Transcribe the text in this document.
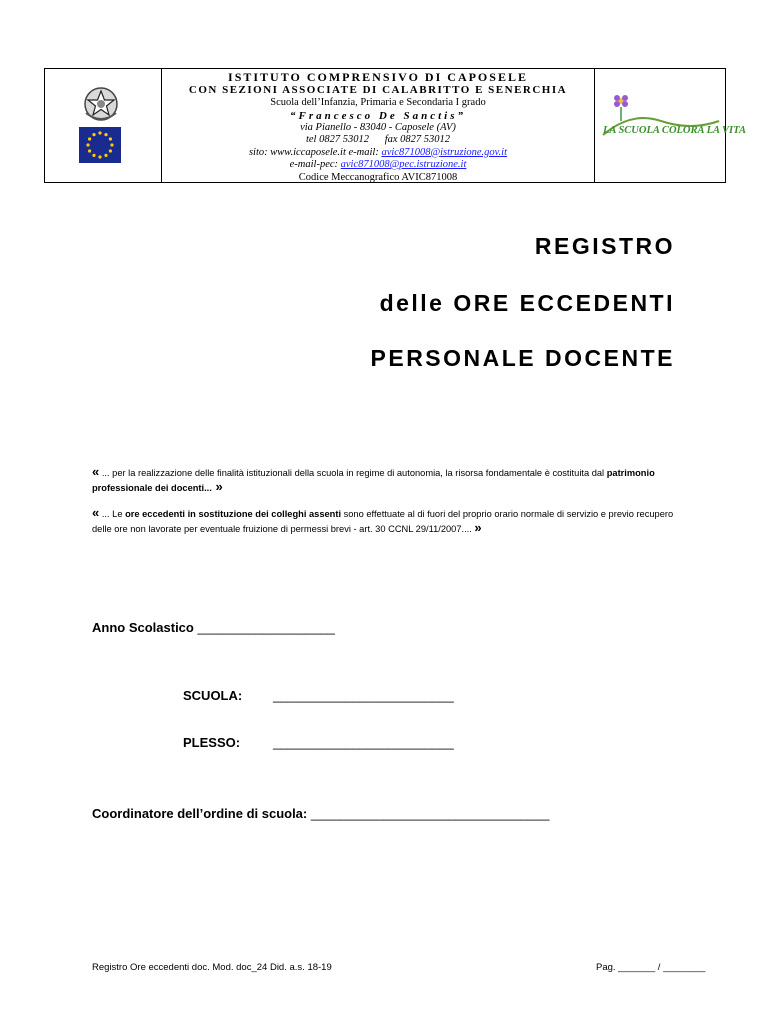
ISTITUTO COMPRENSIVO DI CAPOSELE
CON SEZIONI ASSOCIATE DI CALABRITTO E SENERCHIA
Scuola dell’Infanzia, Primaria e Secondaria I grado
“Francesco De Sanctis”
via Pianello - 83040 - Caposele (AV)
tel 0827 53012 fax 0827 53012
sito: www.iccaposele.it e-mail: avic871008@istruzione.gov.it
e-mail-pec: avic871008@pec.istruzione.it
Codice Meccanografico AVIC871008
LA SCUOLA COLORA LA VITA
REGISTRO
delle ORE ECCEDENTI
PERSONALE DOCENTE
« ... per la realizzazione delle finalità istituzionali della scuola in regime di autonomia, la risorsa fondamentale è costituita dal patrimonio professionale dei docenti... »
« ... Le ore eccedenti in sostituzione dei colleghi assenti sono effettuate al di fuori del proprio orario normale di servizio e previo recupero delle ore non lavorate per eventuale fruizione di permessi brevi - art. 30 CCNL 29/11/2007.... »
Anno Scolastico ___________________
SCUOLA: _________________________
PLESSO:	_________________________
Coordinatore dell’ordine di scuola: _________________________________
Registro Ore eccedenti doc. Mod. doc_24 Did. a.s. 18-19	Pag. _______ / ________
